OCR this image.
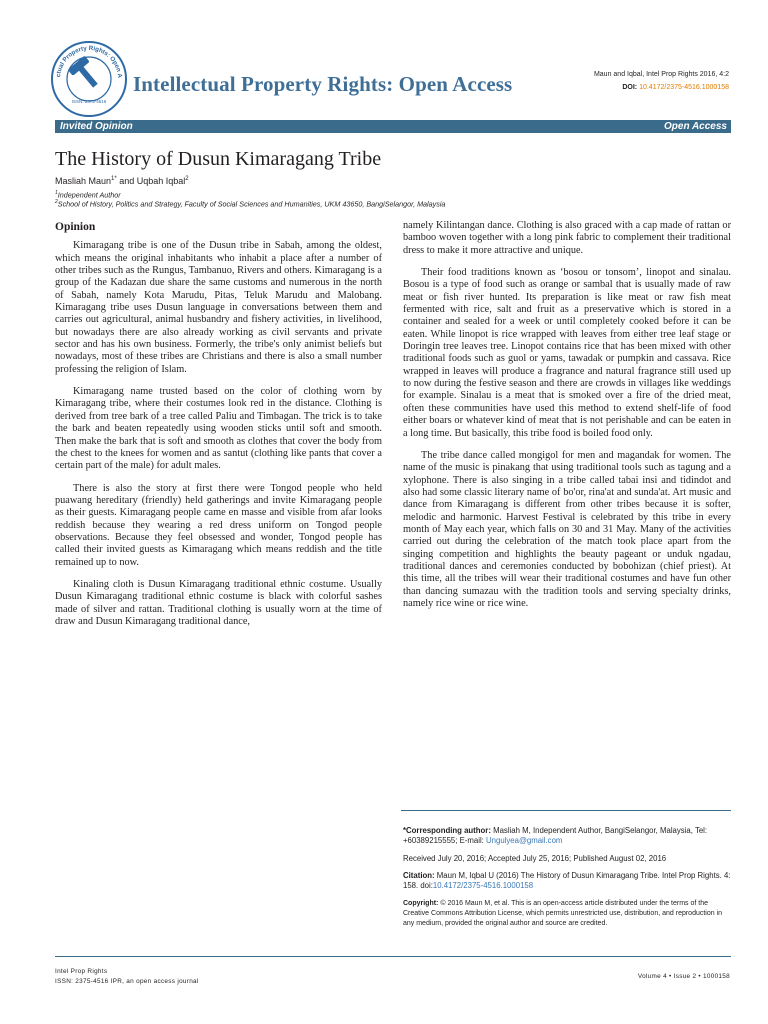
ctual Property Rights: Open A
ISSN: 2375-4516
Intellectual Property Rights: Open Access	Maun and Iqbal, Intel Prop Rights 2016, 4:2
DOI: 10.4172/2375-4516.1000158
Invited Opinion	Open Access
The History of Dusun Kimaragang Tribe
Masliah Maun$^{1*}$ and Uqbah Iqbal$^2$
$^1$Independent Author
$^2$School of History, Politics and Strategy, Faculty of Social Sciences and Humanities, UKM 43650, BangiSelangor, Malaysia
Opinion

Kimaragang tribe is one of the Dusun tribe in Sabah, among the oldest, which means the original inhabitants who inhabit a place after a number of other tribes such as the Rungus, Tambanuo, Rivers and others. Kimaragang is a group of the Kadazan due share the same customs and numerous in the north of Sabah, namely Kota Marudu, Pitas, Teluk Marudu and Malobang. Kimaragang tribe uses Dusun language in conversations between them and carries out agricultural, animal husbandry and fishery activities, in livelihood, but nowadays there are also already working as civil servants and private sector and has his own business. Formerly, the tribe's only animist beliefs but nowadays, most of these tribes are Christians and there is also a small number professing the religion of Islam.

Kimaragang name trusted based on the color of clothing worn by Kimaragang tribe, where their costumes look red in the distance. Clothing is derived from tree bark of a tree called Paliu and Timbagan. The trick is to take the bark and beaten repeatedly using wooden sticks until soft and smooth. Then make the bark that is soft and smooth as clothes that cover the body from the chest to the knees for women and as santut (clothing like pants that cover a certain part of the male) for adult males.

There is also the story at first there were Tongod people who held puawang hereditary (friendly) held gatherings and invite Kimaragang people as their guests. Kimaragang people came en masse and visible from afar looks reddish because they wearing a red dress uniform on Tongod people observations. Because they feel obsessed and wonder, Tongod people has called their invited guests as Kimaragang which means reddish and the title remained up to now.

Kinaling cloth is Dusun Kimaragang traditional ethnic costume. Usually Dusun Kimaragang traditional ethnic costume is black with colorful sashes made of silver and rattan. Traditional clothing is usually worn at the time of draw and Dusun Kimaragang traditional dance,

namely Kilintangan dance. Clothing is also graced with a cap made of rattan or bamboo woven together with a long pink fabric to complement their traditional dress to make it more attractive and unique.

Their food traditions known as ‘bosou or tonsom’, linopot and sinalau. Bosou is a type of food such as orange or sambal that is usually made of raw meat or fish river hunted. Its preparation is like meat or raw fish meat fermented with rice, salt and fruit as a preservative which is stored in a container and sealed for a week or until completely cooked before it can be eaten. While linopot is rice wrapped with leaves from either tree leaf stage or Doringin tree leaves tree. Linopot contains rice that has been mixed with other traditional foods such as guol or yams, tawadak or pumpkin and cassava. Rice wrapped in leaves will produce a fragrance and natural fragrance still used up to now during the festive season and there are crowds in villages like weddings for example. Sinalau is a meat that is smoked over a fire of the dried meat, often these communities have used this method to extend shelf-life of food either boars or whatever kind of meat that is not perishable and can be eaten in a long time. But basically, this tribe food is boiled food only.

The tribe dance called mongigol for men and magandak for women. The name of the music is pinakang that using traditional tools such as tagung and a xylophone. There is also singing in a tribe called tabai insi and tidindot and also had some classic literary name of bo'or, rina'at and sunda'at. Art music and dance from Kimaragang is different from other tribes because it is softer, melodic and harmonic. Harvest Festival is celebrated by this tribe in every month of May each year, which falls on 30 and 31 May. Many of the activities carried out during the celebration of the match took place apart from the singing competition and highlights the beauty pageant or unduk ngadau, traditional dances and ceremonies conducted by bobohizan (chief priest). At this time, all the tribes will wear their traditional costumes and have fun other than dancing sumazau with the tradition tools and serving specialty drinks, namely rice wine or rice wine.

*Corresponding author: Masliah M, Independent Author, BangiSelangor, Malaysia, Tel: +60389215555; E-mail: Ungulyea@gmail.com
Received July 20, 2016; Accepted July 25, 2016; Published August 02, 2016
Citation: Maun M, Iqbal U (2016) The History of Dusun Kimaragang Tribe. Intel Prop Rights. 4: 158. doi:10.4172/2375-4516.1000158
Copyright: © 2016 Maun M, et al. This is an open-access article distributed under the terms of the Creative Commons Attribution License, which permits unrestricted use, distribution, and reproduction in any medium, provided the original author and source are credited.
Intel Prop Rights
ISSN: 2375-4516 IPR, an open access journal
Volume 4 • Issue 2 • 1000158
